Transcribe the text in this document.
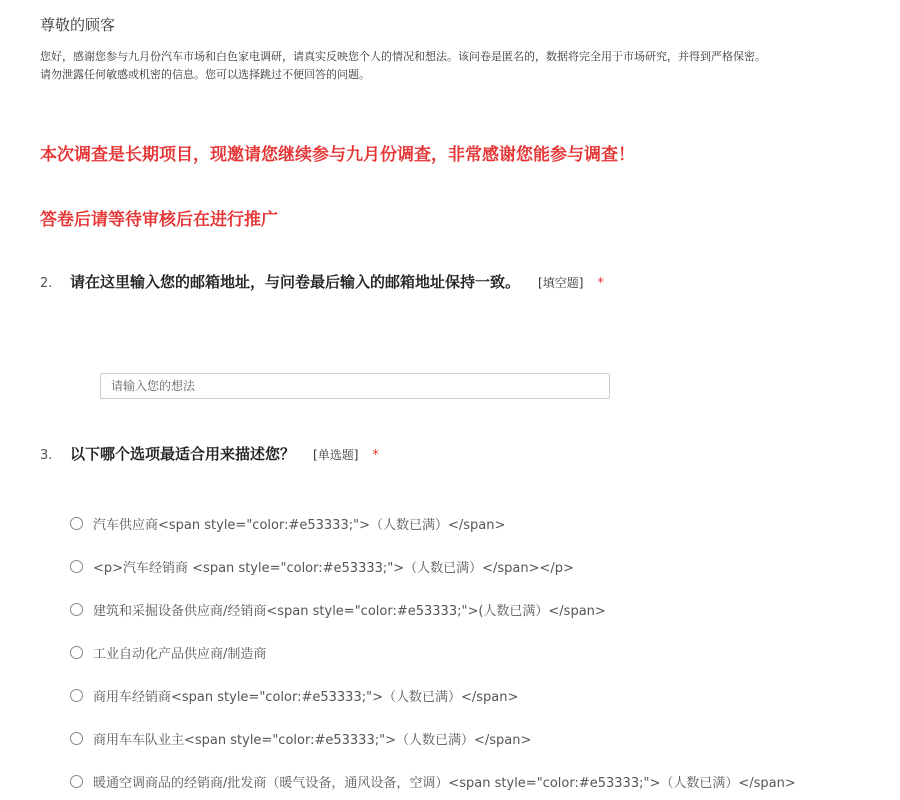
尊敬的顾客
您好，感谢您参与九月份汽车市场和白色家电调研，请真实反映您个人的情况和想法。该问卷是匿名的，数据将完全用于市场研究，并得到严格保密。
请勿泄露任何敏感或机密的信息。您可以选择跳过不便回答的问题。
本次调查是长期项目，现邀请您继续参与九月份调查，非常感谢您能参与调查！
答卷后请等待审核后在进行推广
2.	请在这里输入您的邮箱地址，与问卷最后输入的邮箱地址保持一致。 [填空题] *
请输入您的想法
3.	以下哪个选项最适合用来描述您？ [单选题] *
汽车供应商<span style="color:#e53333;">（人数已满）</span>
<p>汽车经销商 <span style="color:#e53333;">（人数已满）</span></p>
建筑和采掘设备供应商/经销商<span style="color:#e53333;">(人数已满）</span>
工业自动化产品供应商/制造商
商用车经销商<span style="color:#e53333;">（人数已满）</span>
商用车车队业主<span style="color:#e53333;">（人数已满）</span>
暖通空调商品的经销商/批发商（暖气设备，通风设备，空调）<span style="color:#e53333;">（人数已满）</span>
